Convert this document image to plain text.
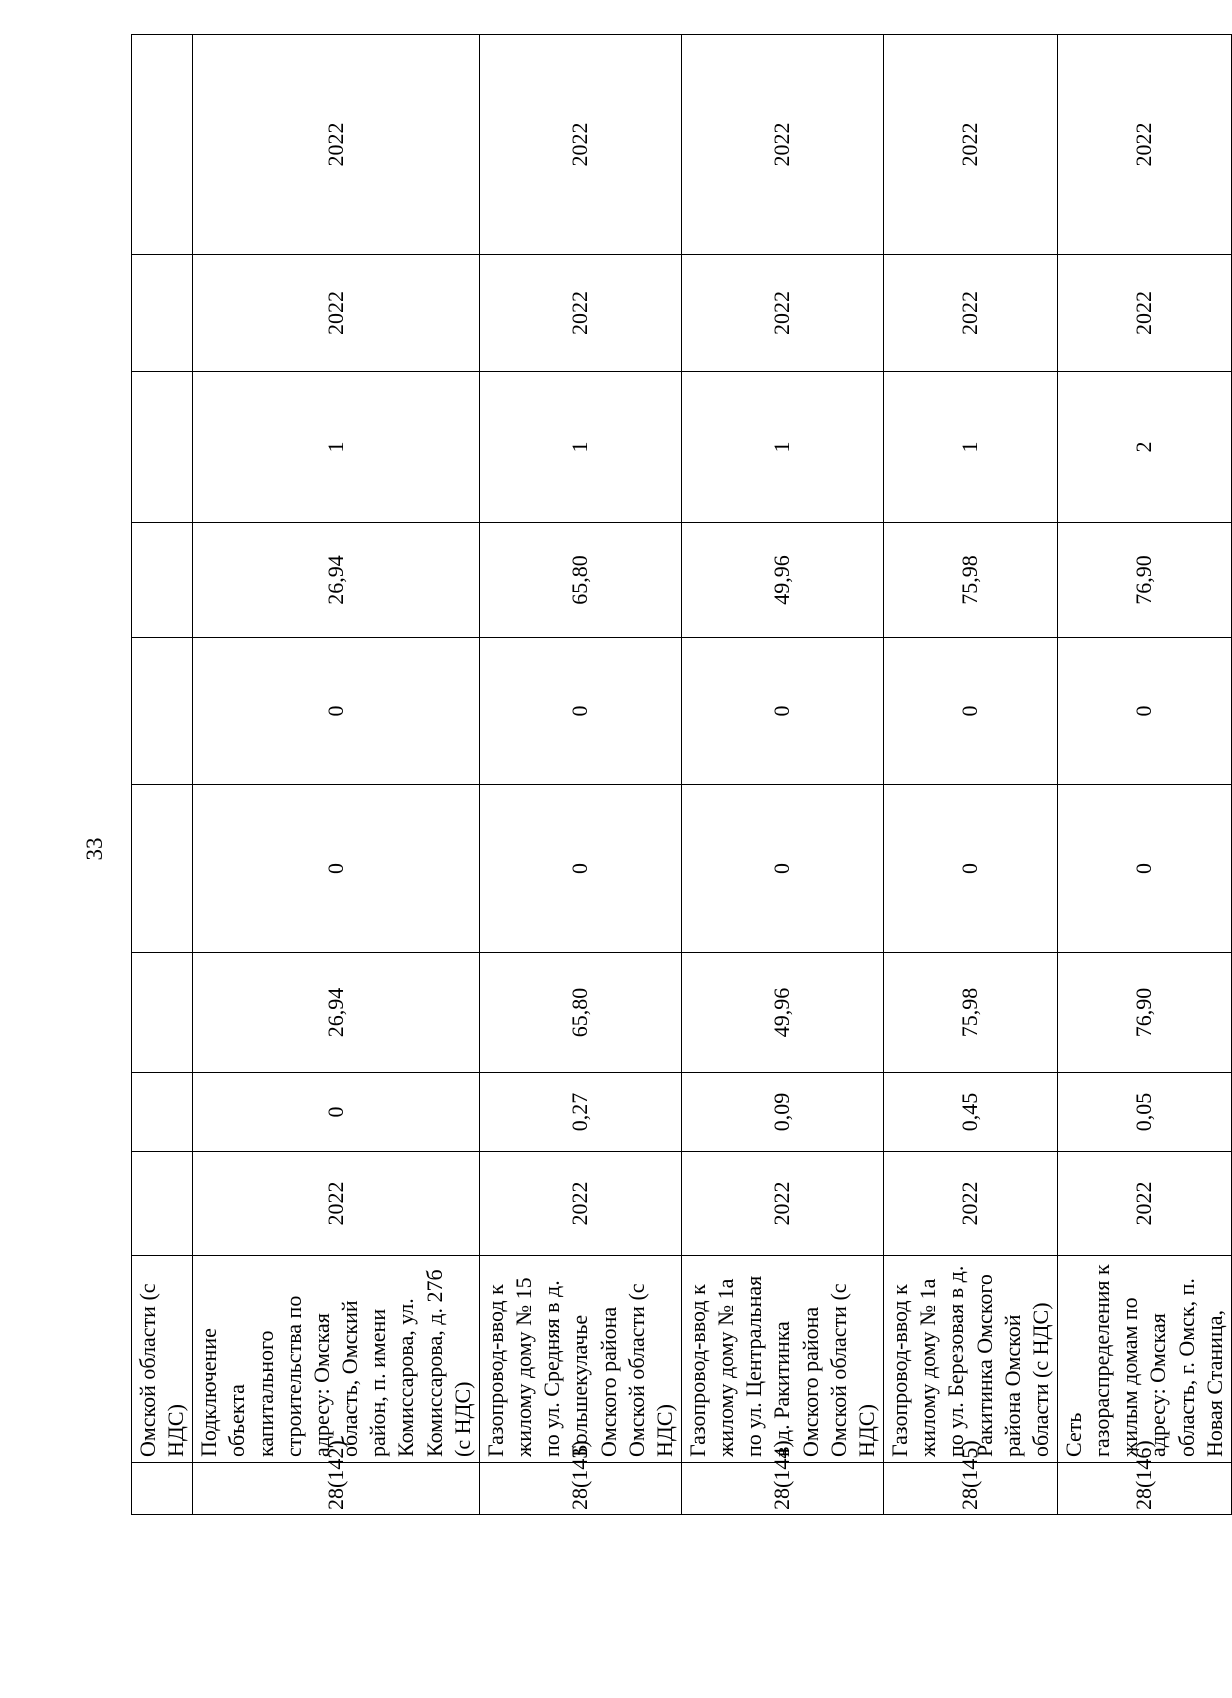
33
	Омской области (с НДС)									
28(142)	Подключение объекта капитального строительства по адресу: Омская область, Омский район, п. имени Комиссарова, ул. Комиссарова, д. 27б (с НДС)	2022	0	26,94	0	0	26,94	1	2022	2022
28(143)	Газопровод-ввод к жилому дому № 15 по ул. Средняя в д. Большекулачье Омского района Омской области (с НДС)	2022	0,27	65,80	0	0	65,80	1	2022	2022
28(144)	Газопровод-ввод к жилому дому № 1а по ул. Центральная в д. Ракитинка Омского района Омской области (с НДС)	2022	0,09	49,96	0	0	49,96	1	2022	2022
28(145)	Газопровод-ввод к жилому дому № 1а по ул. Березовая в д. Ракитинка Омского района Омской области (с НДС)	2022	0,45	75,98	0	0	75,98	1	2022	2022
28(146)	Сеть газораспределения к жилым домам по адресу: Омская область, г. Омск, п. Новая Станица,	2022	0,05	76,90	0	0	76,90	2	2022	2022
